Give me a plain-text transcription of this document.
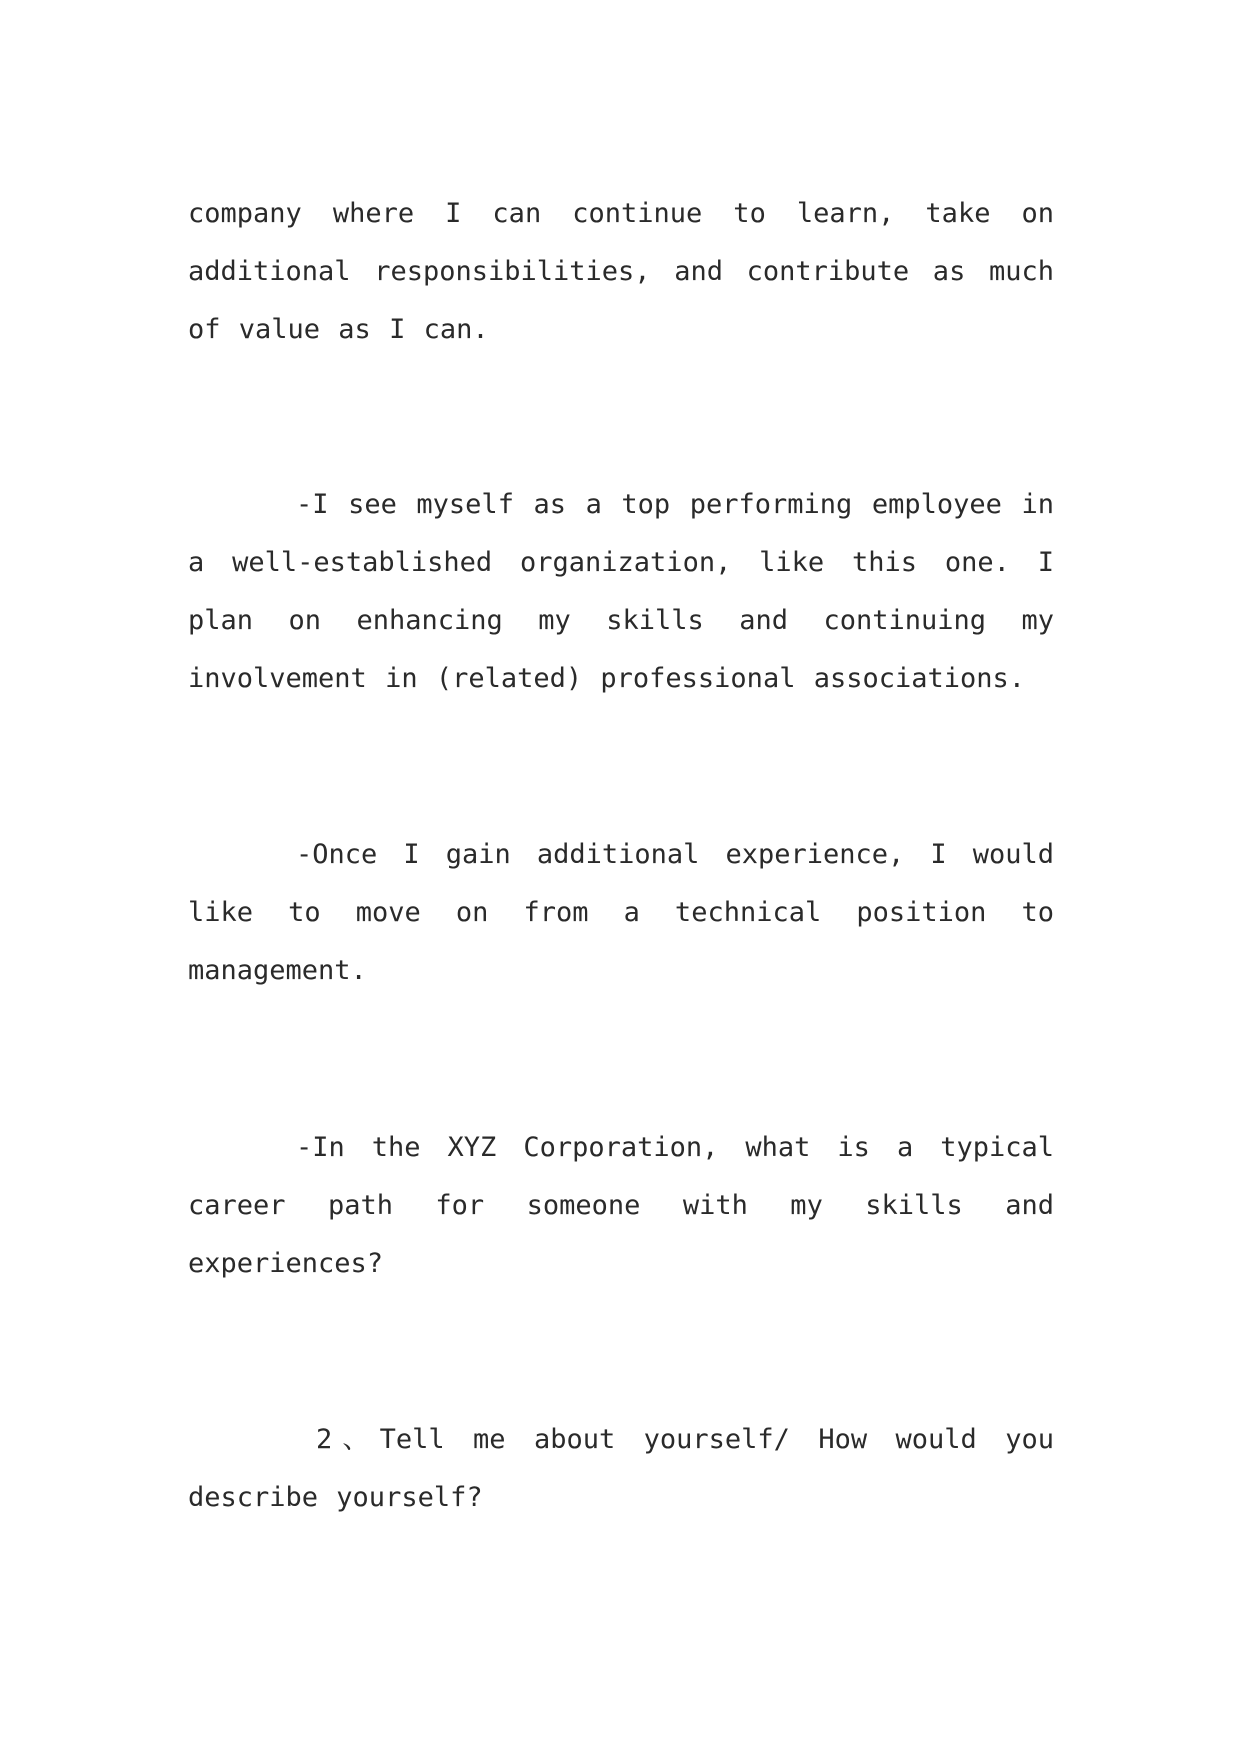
company where I can continue to learn, take on additional responsibilities, and contribute as much of value as I can.

-I see myself as a top performing employee in a well-established organization, like this one. I plan on enhancing my skills and continuing my involvement in (related) professional associations.

-Once I gain additional experience, I would like to move on from a technical position to management.

-In the XYZ Corporation, what is a typical career path for someone with my skills and experiences?

2、Tell me about yourself/ How would you describe yourself?
